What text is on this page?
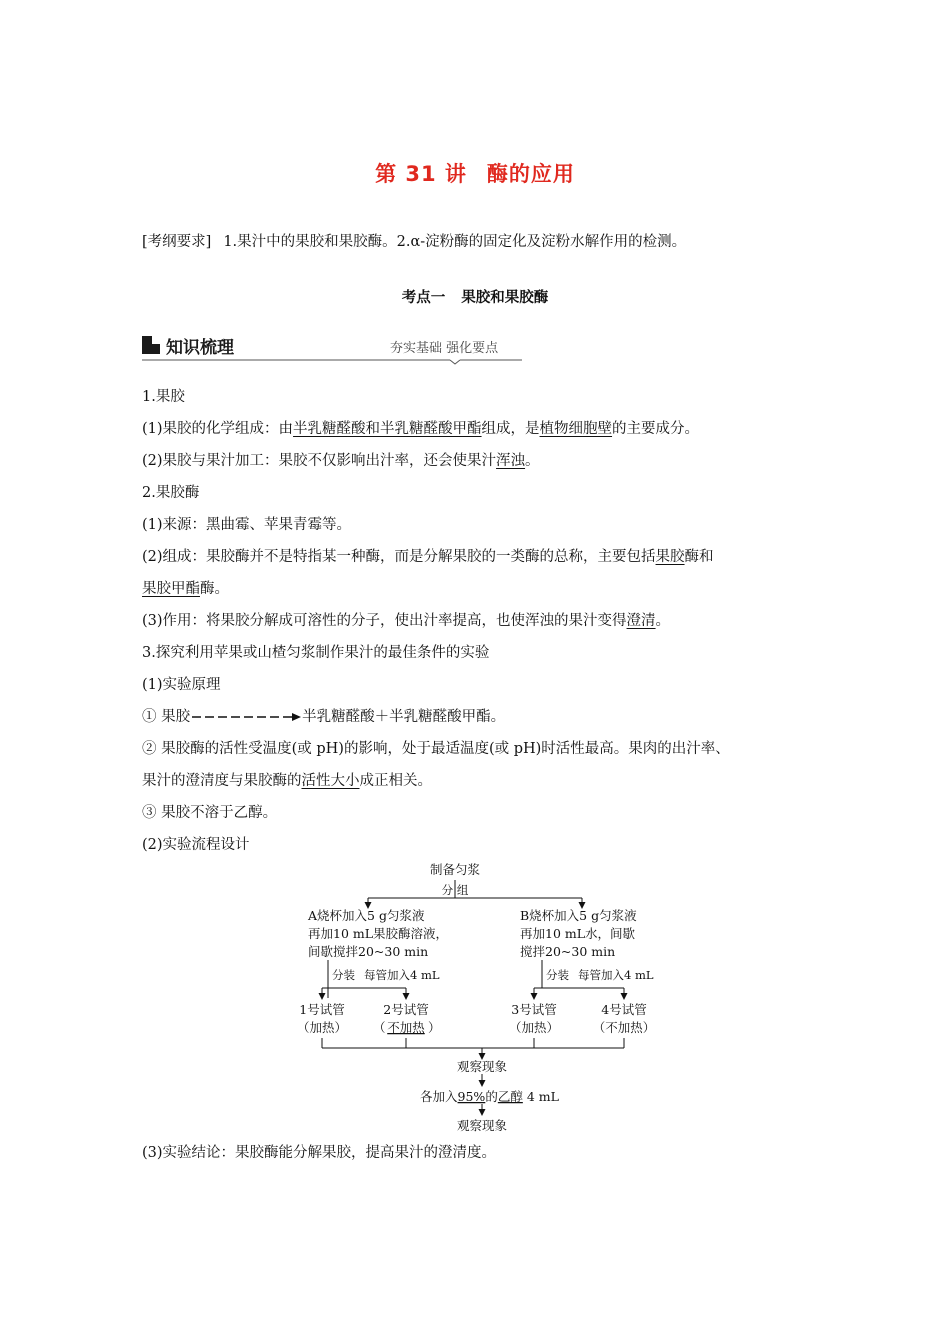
第 31 讲 酶的应用
[考纲要求] 1.果汁中的果胶和果胶酶。2.α-淀粉酶的固定化及淀粉水解作用的检测。
考点一 果胶和果胶酶
知识梳理	夯实基础 强化要点
1.果胶
(1)果胶的化学组成：由半乳糖醛酸和半乳糖醛酸甲酯组成，是植物细胞壁的主要成分。
(2)果胶与果汁加工：果胶不仅影响出汁率，还会使果汁浑浊。
2.果胶酶
(1)来源：黑曲霉、苹果青霉等。
(2)组成：果胶酶并不是特指某一种酶，而是分解果胶的一类酶的总称，主要包括果胶酶和
果胶甲酯酶。
(3)作用：将果胶分解成可溶性的分子，使出汁率提高，也使浑浊的果汁变得澄清。
3.探究利用苹果或山楂匀浆制作果汁的最佳条件的实验
(1)实验原理
① 果胶	半乳糖醛酸＋半乳糖醛酸甲酯。
② 果胶酶的活性受温度(或 pH)的影响，处于最适温度(或 pH)时活性最高。果肉的出汁率、
果汁的澄清度与果胶酶的活性大小成正相关。
③ 果胶不溶于乙醇。
(2)实验流程设计
制备匀浆
分 组
A烧杯加入5 g匀浆液
再加10 mL果胶酶溶液，
间歇搅拌20~30 min
B烧杯加入5 g匀浆液
再加10 mL水，间歇
搅拌20~30 min
分装 每管加入4 mL	分装 每管加入4 mL
1号试管
（加热）
2号试管
（ 不加热 ）
3号试管
（加热）
4号试管
（不加热）
观察现象
各加入95%的乙醇 4 mL
观察现象
(3)实验结论：果胶酶能分解果胶，提高果汁的澄清度。
